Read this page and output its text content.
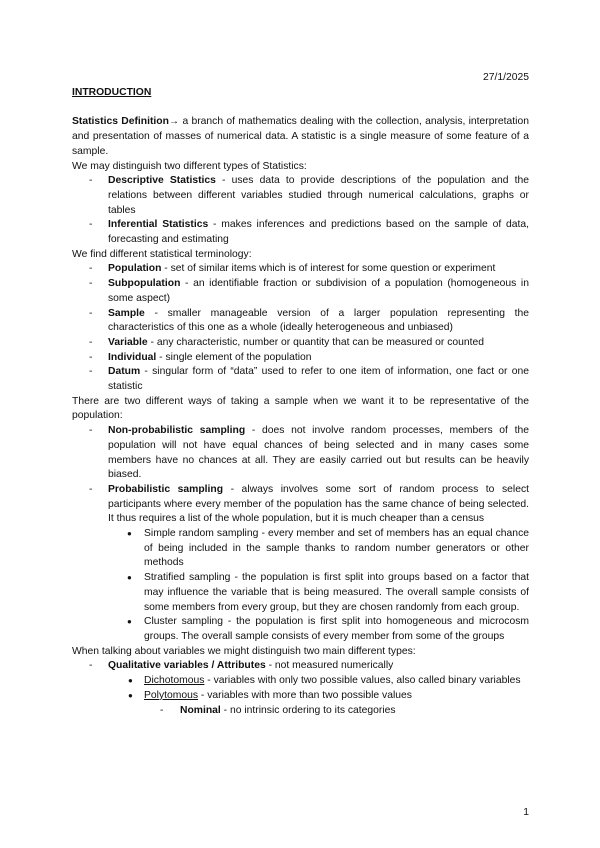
27/1/2025
INTRODUCTION

Statistics Definition→ a branch of mathematics dealing with the collection, analysis, interpretation and presentation of masses of numerical data. A statistic is a single measure of some feature of a sample.

We may distinguish two different types of Statistics:

- Descriptive Statistics - uses data to provide descriptions of the population and the relations between different variables studied through numerical calculations, graphs or tables
- Inferential Statistics - makes inferences and predictions based on the sample of data, forecasting and estimating

We find different statistical terminology:

- Population - set of similar items which is of interest for some question or experiment
- Subpopulation - an identifiable fraction or subdivision of a population (homogeneous in some aspect)
- Sample - smaller manageable version of a larger population representing the characteristics of this one as a whole (ideally heterogeneous and unbiased)
- Variable - any characteristic, number or quantity that can be measured or counted
- Individual - single element of the population
- Datum - singular form of “data” used to refer to one item of information, one fact or one statistic

There are two different ways of taking a sample when we want it to be representative of the population:

- Non-probabilistic sampling - does not involve random processes, members of the population will not have equal chances of being selected and in many cases some members have no chances at all. They are easily carried out but results can be heavily biased.
- Probabilistic sampling - always involves some sort of random process to select participants where every member of the population has the same chance of being selected. It thus requires a list of the whole population, but it is much cheaper than a census
● Simple random sampling - every member and set of members has an equal chance of being included in the sample thanks to random number generators or other methods
● Stratified sampling - the population is first split into groups based on a factor that may influence the variable that is being measured. The overall sample consists of some members from every group, but they are chosen randomly from each group.
● Cluster sampling - the population is first split into homogeneous and microcosm groups. The overall sample consists of every member from some of the groups

When talking about variables we might distinguish two main different types:

- Qualitative variables / Attributes - not measured numerically
● Dichotomous - variables with only two possible values, also called binary variables
● Polytomous - variables with more than two possible values
- Nominal - no intrinsic ordering to its categories
1
